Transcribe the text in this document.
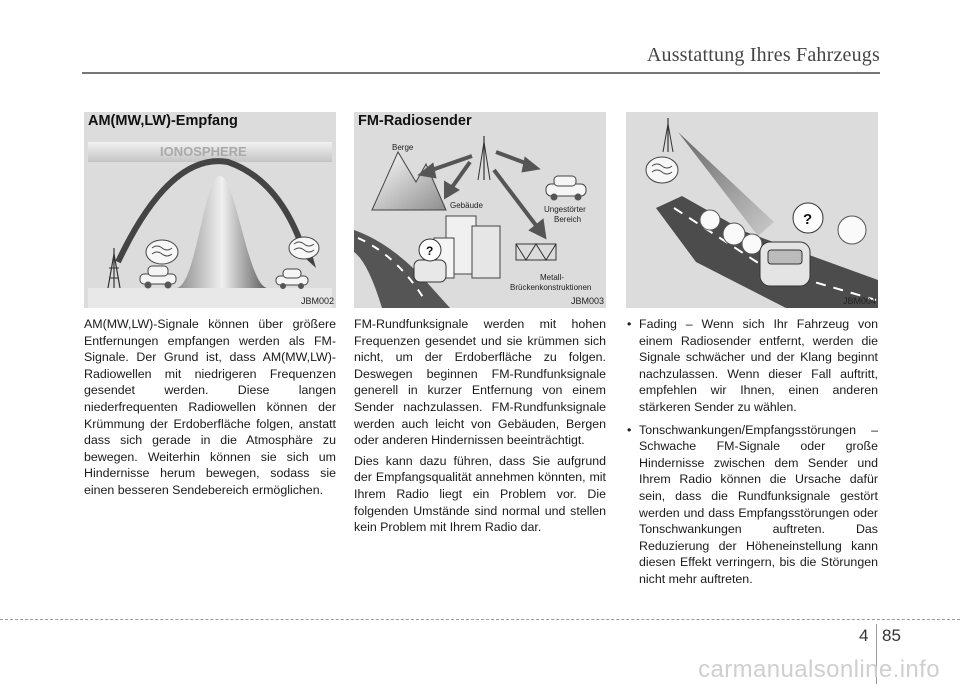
Ausstattung Ihres Fahrzeugs
IONOSPHERE
AM(MW,LW)-Empfang
JBM002

AM(MW,LW)-Signale können über größere Entfernungen empfangen werden als FM-Signale. Der Grund ist, dass AM(MW,LW)-Radiowellen mit niedrigeren Frequenzen gesendet werden. Diese langen niederfrequenten Radiowellen können der Krümmung der Erdoberfläche folgen, anstatt dass sich gerade in die Atmosphäre zu bewegen. Weiterhin können sie sich um Hindernisse herum bewegen, sodass sie einen besseren Sendebereich ermöglichen.

?
Berge
Gebäude	Ungestörter
Bereich
Metall-
Brückenkonstruktionen
FM-Radiosender
JBM003

FM-Rundfunksignale werden mit hohen Frequenzen gesendet und sie krümmen sich nicht, um der Erdoberfläche zu folgen. Deswegen beginnen FM-Rundfunksignale generell in kurzer Entfernung von einem Sender nachzulassen. FM-Rundfunksignale werden auch leicht von Gebäuden, Bergen oder anderen Hindernissen beeinträchtigt.

Dies kann dazu führen, dass Sie aufgrund der Empfangsqualität annehmen könnten, mit Ihrem Radio liegt ein Problem vor. Die folgenden Umstände sind normal und stellen kein Problem mit Ihrem Radio dar.

?
JBM004
• Fading – Wenn sich Ihr Fahrzeug von einem Radiosender entfernt, werden die Signale schwächer und der Klang beginnt nachzulassen. Wenn dieser Fall auftritt, empfehlen wir Ihnen, einen anderen stärkeren Sender zu wählen.
• Tonschwankungen/Empfangsstörungen – Schwache FM-Signale oder große Hindernisse zwischen dem Sender und Ihrem Radio können die Ursache dafür sein, dass die Rundfunksignale gestört werden und dass Empfangsstörungen oder Tonschwankungen auftreten. Das Reduzierung der Höheneinstellung kann diesen Effekt verringern, bis die Störungen nicht mehr auftreten.
4 85
carmanualsonline.info
